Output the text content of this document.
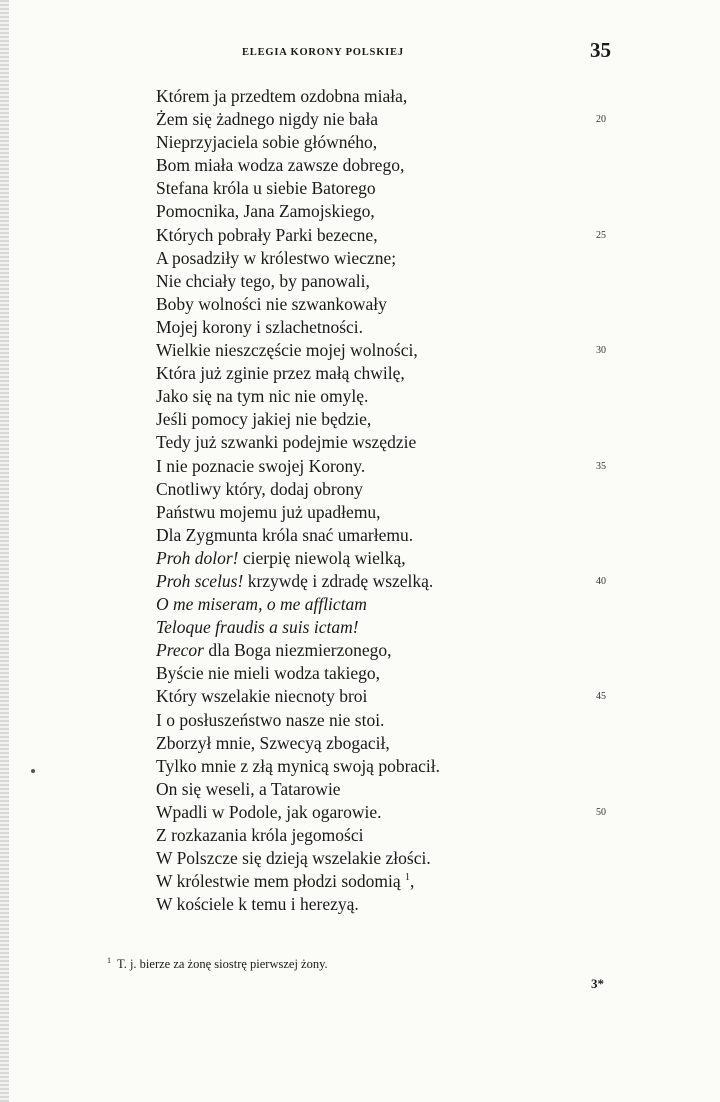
ELEGIA KORONY POLSKIEJ	35
Którem ja przedtem ozdobna miała,
Żem się żadnego nigdy nie bała	20
Nieprzyjaciela sobie główného,
Bom miała wodza zawsze dobrego,
Stefana króla u siebie Batorego
Pomocnika, Jana Zamojskiego,
Których pobrały Parki bezecne,	25
A posadziły w królestwo wieczne;
Nie chciały tego, by panowali,
Boby wolności nie szwankowały
Mojej korony i szlachetności.
Wielkie nieszczęście mojej wolności,	30
Która już zginie przez małą chwilę,
Jako się na tym nic nie omylę.
Jeśli pomocy jakiej nie będzie,
Tedy już szwanki podejmie wszędzie
I nie poznacie swojej Korony.	35
Cnotliwy który, dodaj obrony
Państwu mojemu już upadłemu,
Dla Zygmunta króla snać umarłemu.
Proh dolor! cierpię niewolą wielką,
Proh scelus! krzywdę i zdradę wszelką.	40
O me miseram, o me afflictam
Teloque fraudis a suis ictam!
Precor dla Boga niezmierzonego,
Byście nie mieli wodza takiego,
Który wszelakie niecnoty broi	45
I o posłuszeństwo nasze nie stoi.
Zborzył mnie, Szwecyą zbogacił,
Tylko mnie z złą mynicą swoją pobracił.
On się weseli, a Tatarowie
Wpadli w Podole, jak ogarowie.	50
Z rozkazania króla jegomości
W Polszcze się dzieją wszelakie złości.
W królestwie mem płodzi sodomią $^1$,
W kościele k temu i herezyą.
$^1$ T. j. bierze za żonę siostrę pierwszej żony.
3*
